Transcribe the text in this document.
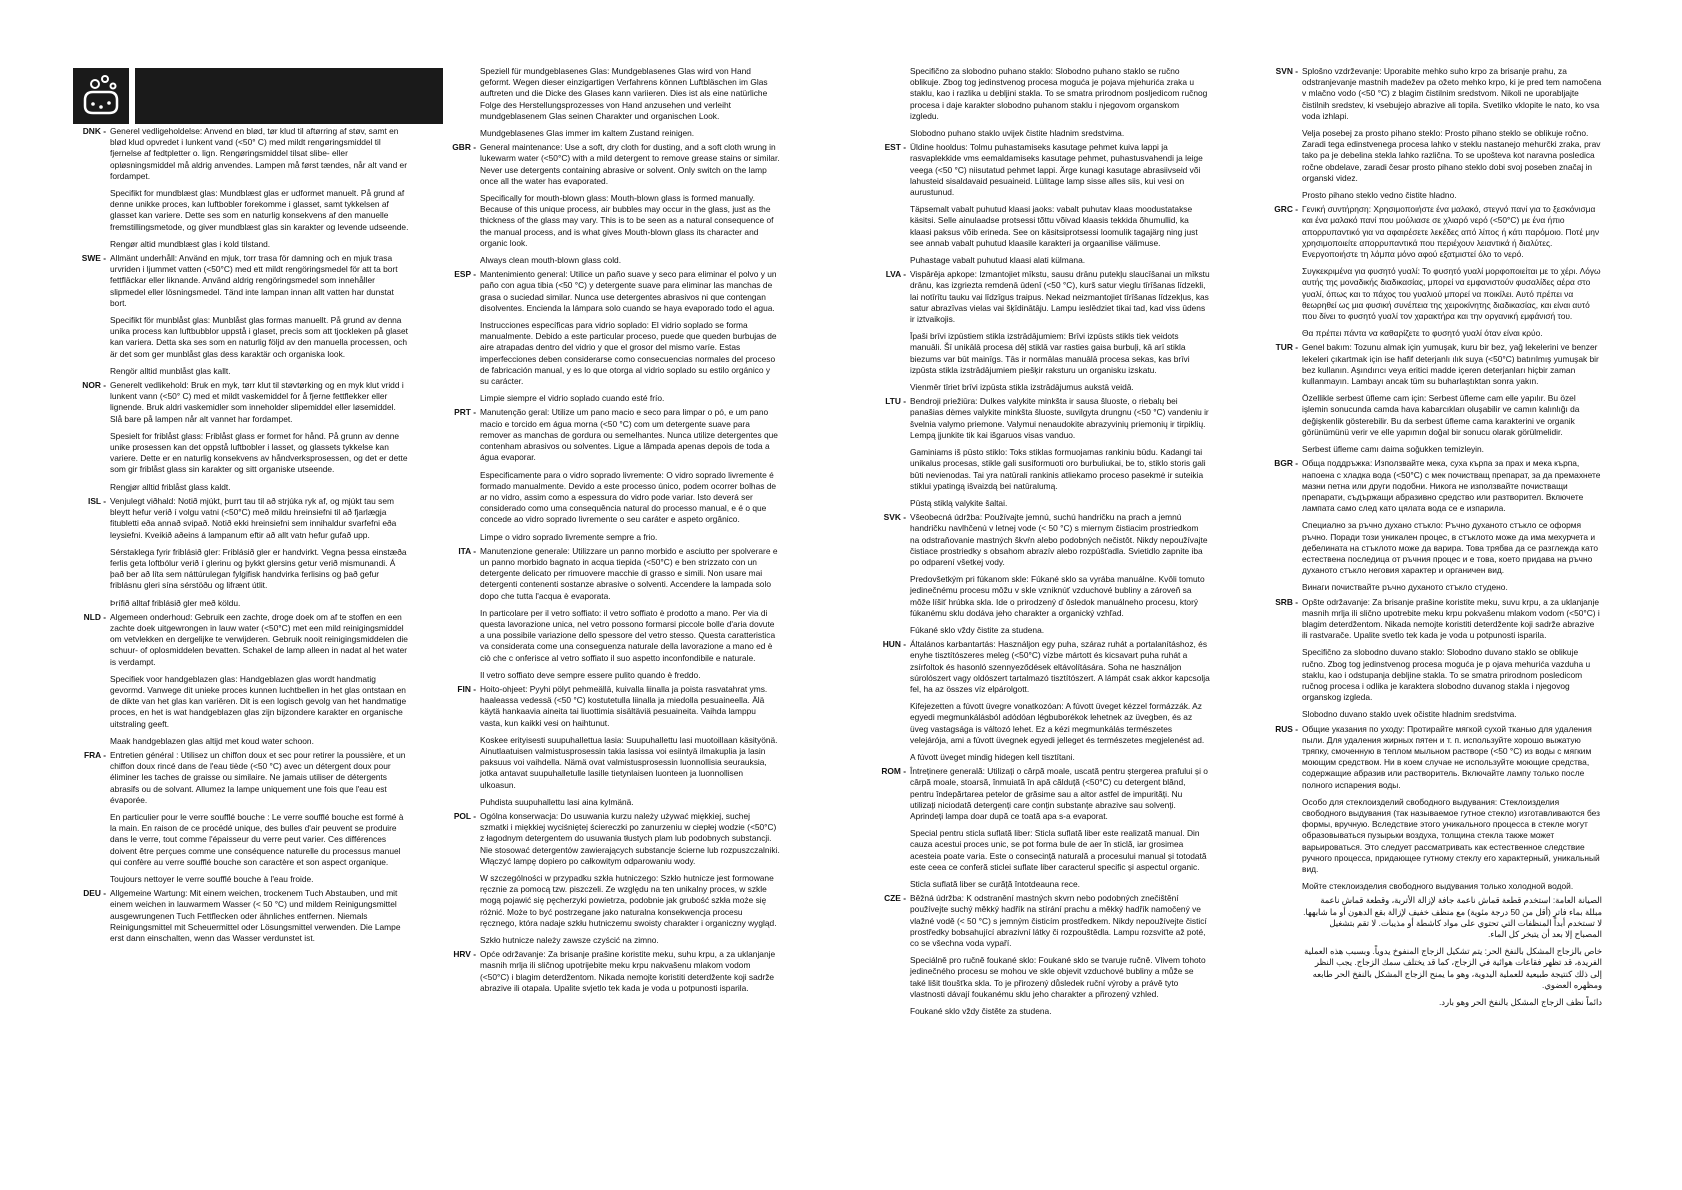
DNK - Generel vedligeholdelse: Anvend en blød, tør klud til aftørring af støv, samt en blød klud opvredet i lunkent vand (<50° C) med mildt rengøringsmiddel til fjernelse af fedtpletter o. lign. Rengøringsmiddel tilsat slibe- eller opløsningsmiddel må aldrig anvendes. Lampen må først tændes, når alt vand er fordampet.

Specifikt for mundblæst glas: Mundblæst glas er udformet manuelt. På grund af denne unikke proces, kan luftbobler forekomme i glasset, samt tykkelsen af glasset kan variere. Dette ses som en naturlig konsekvens af den manuelle fremstillingsmetode, og giver mundblæst glas sin karakter og levende udseende.

Rengør altid mundblæst glas i kold tilstand.

SWE - Allmänt underhåll: Använd en mjuk, torr trasa för damning och en mjuk trasa urvriden i ljummet vatten (<50°C) med ett mildt rengöringsmedel för att ta bort fettfläckar eller liknande. Använd aldrig rengöringsmedel som innehåller slipmedel eller lösningsmedel. Tänd inte lampan innan allt vatten har dunstat bort.

Specifikt för munblåst glas: Munblåst glas formas manuellt. På grund av denna unika process kan luftbubblor uppstå i glaset, precis som att tjockleken på glaset kan variera. Detta ska ses som en naturlig följd av den manuella processen, och är det som ger munblåst glas dess karaktär och organiska look.

Rengör alltid munblåst glas kallt.

NOR - Generelt vedlikehold: Bruk en myk, tørr klut til støvtørking og en myk klut vridd i lunkent vann (<50° C) med et mildt vaskemiddel for å fjerne fettflekker eller lignende. Bruk aldri vaskemidler som inneholder slipemiddel eller løsemiddel. Slå bare på lampen når alt vannet har fordampet.

Spesielt for friblåst glass: Friblåst glass er formet for hånd. På grunn av denne unike prosessen kan det oppstå luftbobler i lasset, og glassets tykkelse kan variere. Dette er en naturlig konsekvens av håndverksprosessen, og det er dette som gir friblåst glass sin karakter og sitt organiske utseende.

Rengjør alltid friblåst glass kaldt.

ISL - Venjulegt viðhald: Notið mjúkt, þurrt tau til að strjúka ryk af, og mjúkt tau sem bleytt hefur verið í volgu vatni (<50°C) með mildu hreinsiefni til að fjarlægja fitubletti eða annað svipað. Notið ekki hreinsiefni sem innihaldur svarfefni eða leysiefni. Kveikið aðeins á lampanum eftir að allt vatn hefur gufað upp.

Sérstaklega fyrir friblásið gler: Friblásið gler er handvirkt. Vegna þessa einstæða ferlis geta loftbólur verið í glerinu og þykkt glersins getur verið mismunandi. Á það ber að líta sem náttúrulegan fylgifisk handvirka ferlisins og það gefur friblásnu gleri sína sérstöðu og lifrænt útlit.

Þrífið alltaf friblásið gler með köldu.

NLD - Algemeen onderhoud: Gebruik een zachte, droge doek om af te stoffen en een zachte doek uitgewrongen in lauw water (<50°C) met een mild reinigingsmiddel om vetvlekken en dergelijke te verwijderen. Gebruik nooit reinigingsmiddelen die schuur- of oplosmiddelen bevatten. Schakel de lamp alleen in nadat al het water is verdampt.

Specifiek voor handgeblazen glas: Handgeblazen glas wordt handmatig gevormd. Vanwege dit unieke proces kunnen luchtbellen in het glas ontstaan en de dikte van het glas kan variëren. Dit is een logisch gevolg van het handmatige proces, en het is wat handgeblazen glas zijn bijzondere karakter en organische uitstraling geeft.

Maak handgeblazen glas altijd met koud water schoon.

FRA - Entretien général : Utilisez un chiffon doux et sec pour retirer la poussière, et un chiffon doux rincé dans de l'eau tiède (<50 °C) avec un détergent doux pour éliminer les taches de graisse ou similaire. Ne jamais utiliser de détergents abrasifs ou de solvant. Allumez la lampe uniquement une fois que l'eau est évaporée.

En particulier pour le verre soufflé bouche : Le verre soufflé bouche est formé à la main. En raison de ce procédé unique, des bulles d'air peuvent se produire dans le verre, tout comme l'épaisseur du verre peut varier. Ces différences doivent être perçues comme une conséquence naturelle du processus manuel qui confère au verre soufflé bouche son caractère et son aspect organique.

Toujours nettoyer le verre soufflé bouche à l'eau froide.

DEU - Allgemeine Wartung: Mit einem weichen, trockenem Tuch Abstauben, und mit einem weichen in lauwarmem Wasser (< 50 °C) und mildem Reinigungsmittel ausgewrungenen Tuch Fettflecken oder ähnliches entfernen. Niemals Reinigungsmittel mit Scheuermittel oder Lösungsmittel verwenden. Die Lampe erst dann einschalten, wenn das Wasser verdunstet ist.

Speziell für mundgeblasenes Glas: Mundgeblasenes Glas wird von Hand geformt. Wegen dieser einzigartigen Verfahrens können Luftbläschen im Glas auftreten und die Dicke des Glases kann variieren. Dies ist als eine natürliche Folge des Herstellungsprozesses von Hand anzusehen und verleiht mundgeblasenem Glas seinen Charakter und organischen Look.

Mundgeblasenes Glas immer im kaltem Zustand reinigen.

GBR - General maintenance: Use a soft, dry cloth for dusting, and a soft cloth wrung in lukewarm water (<50°C) with a mild detergent to remove grease stains or similar. Never use detergents containing abrasive or solvent. Only switch on the lamp once all the water has evaporated.

Specifically for mouth-blown glass: Mouth-blown glass is formed manually. Because of this unique process, air bubbles may occur in the glass, just as the thickness of the glass may vary. This is to be seen as a natural consequence of the manual process, and is what gives Mouth-blown glass its character and organic look.

Always clean mouth-blown glass cold.

ESP - Mantenimiento general: Utilice un paño suave y seco para eliminar el polvo y un paño con agua tibia (<50 °C) y detergente suave para eliminar las manchas de grasa o suciedad similar. Nunca use detergentes abrasivos ni que contengan disolventes. Encienda la lámpara solo cuando se haya evaporado todo el agua.

Instrucciones específicas para vidrio soplado: El vidrio soplado se forma manualmente. Debido a este particular proceso, puede que queden burbujas de aire atrapadas dentro del vidrio y que el grosor del mismo varíe. Estas imperfecciones deben considerarse como consecuencias normales del proceso de fabricación manual, y es lo que otorga al vidrio soplado su estilo orgánico y su carácter.

Limpie siempre el vidrio soplado cuando esté frío.

PRT - Manutenção geral: Utilize um pano macio e seco para limpar o pó, e um pano macio e torcido em água morna (<50 °C) com um detergente suave para remover as manchas de gordura ou semelhantes. Nunca utilize detergentes que contenham abrasivos ou solventes. Ligue a lâmpada apenas depois de toda a água evaporar.

Especificamente para o vidro soprado livremente: O vidro soprado livremente é formado manualmente. Devido a este processo único, podem ocorrer bolhas de ar no vidro, assim como a espessura do vidro pode variar. Isto deverá ser considerado como uma consequência natural do processo manual, e é o que concede ao vidro soprado livremente o seu caráter e aspeto orgânico.

Limpe o vidro soprado livremente sempre a frio.

ITA - Manutenzione generale: Utilizzare un panno morbido e asciutto per spolverare e un panno morbido bagnato in acqua tiepida (<50°C) e ben strizzato con un detergente delicato per rimuovere macchie di grasso e simili. Non usare mai detergenti contenenti sostanze abrasive o solventi. Accendere la lampada solo dopo che tutta l'acqua è evaporata.

In particolare per il vetro soffiato: il vetro soffiato è prodotto a mano. Per via di questa lavorazione unica, nel vetro possono formarsi piccole bolle d'aria dovute a una possibile variazione dello spessore del vetro stesso. Questa caratteristica va considerata come una conseguenza naturale della lavorazione a mano ed è ciò che c onferisce al vetro soffiato il suo aspetto inconfondibile e naturale.

Il vetro soffiato deve sempre essere pulito quando è freddo.

FIN - Hoito-ohjeet: Pyyhi pölyt pehmeällä, kuivalla liinalla ja poista rasvatahrat yms. haaleassa vedessä (<50 °C) kostutetulla liinalla ja miedolla pesuaineella. Älä käytä hankaavia aineita tai liuottimia sisältäviä pesuaineita. Vaihda lamppu vasta, kun kaikki vesi on haihtunut.

Koskee erityisesti suupuhallettua lasia: Suupuhallettu lasi muotoillaan käsityönä. Ainutlaatuisen valmistusprosessin takia lasissa voi esiintyä ilmakuplia ja lasin paksuus voi vaihdella. Nämä ovat valmistusprosessin luonnollisia seurauksia, jotka antavat suupuhalletulle lasille tietynlaisen luonteen ja luonnollisen ulkoasun.

Puhdista suupuhallettu lasi aina kylmänä.

POL - Ogólna konserwacja: Do usuwania kurzu należy używać miękkiej, suchej szmatki i miękkiej wyciśniętej ściereczki po zanurzeniu w ciepłej wodzie (<50°C) z łagodnym detergentem do usuwania tłustych plam lub podobnych substancji. Nie stosować detergentów zawierających substancje ścierne lub rozpuszczalniki. Włączyć lampę dopiero po całkowitym odparowaniu wody.

W szczególności w przypadku szkła hutniczego: Szkło hutnicze jest formowane ręcznie za pomocą tzw. piszczeli. Ze względu na ten unikalny proces, w szkle mogą pojawić się pęcherzyki powietrza, podobnie jak grubość szkła może się różnić. Może to być postrzegane jako naturalna konsekwencja procesu ręcznego, która nadaje szkłu hutniczemu swoisty charakter i organiczny wygląd.

Szkło hutnicze należy zawsze czyścić na zimno.

HRV - Opće održavanje: Za brisanje prašine koristite meku, suhu krpu, a za uklanjanje masnih mrlja ili sličnog upotrijebite meku krpu nakvašenu mlakom vodom (<50°C) i blagim deterdžentom. Nikada nemojte koristiti deterdžente koji sadrže abrazive ili otapala. Upalite svjetlo tek kada je voda u potpunosti isparila.

Specifično za slobodno puhano staklo: Slobodno puhano staklo se ručno oblikuje. Zbog tog jedinstvenog procesa moguća je pojava mjehurića zraka u staklu, kao i razlika u debljini stakla. To se smatra prirodnom posljedicom ručnog procesa i daje karakter slobodno puhanom staklu i njegovom organskom izgledu.

Slobodno puhano staklo uvijek čistite hladnim sredstvima.

EST - Üldine hooldus: Tolmu puhastamiseks kasutage pehmet kuiva lappi ja rasvaplekkide vms eemaldamiseks kasutage pehmet, puhastusvahendi ja leige veega (<50 °C) niisutatud pehmet lappi. Ärge kunagi kasutage abrasiivseid või lahusteid sisaldavaid pesuaineid. Lülitage lamp sisse alles siis, kui vesi on aurustunud.

Täpsemalt vabalt puhutud klaasi jaoks: vabalt puhutav klaas moodustatakse käsitsi. Selle ainulaadse protsessi tõttu võivad klaasis tekkida õhumullid, ka klaasi paksus võib erineda. See on käsitsiprotsessi loomulik tagajärg ning just see annab vabalt puhutud klaasile karakteri ja orgaanilise välimuse.

Puhastage vabalt puhutud klaasi alati külmana.

LVA - Vispārēja apkope: Izmantojiet mīkstu, sausu drānu putekļu slaucīšanai un mīkstu drānu, kas izgriezta remdenā ūdenī (<50 °C), kurš satur vieglu tīrīšanas līdzekli, lai notīrītu tauku vai līdzīgus traipus. Nekad neizmantojiet tīrīšanas līdzekļus, kas satur abrazīvas vielas vai šķīdinātāju. Lampu ieslēdziet tikai tad, kad viss ūdens ir iztvaikojis.

Īpaši brīvi izpūstiem stikla izstrādājumiem: Brīvi izpūsts stikls tiek veidots manuāli. Šī unikālā procesa dēļ stiklā var rasties gaisa burbuļi, kā arī stikla biezums var būt mainīgs. Tās ir normālas manuālā procesa sekas, kas brīvi izpūsta stikla izstrādājumiem piešķir raksturu un organisku izskatu.

Vienmēr tīriet brīvi izpūsta stikla izstrādājumus aukstā veidā.

LTU - Bendroji priežiūra: Dulkes valykite minkšta ir sausa šluoste, o riebalų bei panašias dėmes valykite minkšta šluoste, suvilgyta drungnu (<50 °C) vandeniu ir švelnia valymo priemone. Valymui nenaudokite abrazyvinių priemonių ir tirpiklių. Lempą įjunkite tik kai išgaruos visas vanduo.

Gaminiams iš pūsto stiklo: Toks stiklas formuojamas rankiniu būdu. Kadangi tai unikalus procesas, stikle gali susiformuoti oro burbuliukai, be to, stiklo storis gali būti nevienodas. Tai yra natūrali rankinis atliekamo proceso pasekmė ir suteikia stiklui ypatingą išvaizdą bei natūralumą.

Pūstą stiklą valykite šaltai.

SVK - Všeobecná údržba: Používajte jemnú, suchú handričku na prach a jemnú handričku navlhčenú v letnej vode (< 50 °C) s miernym čistiacim prostriedkom na odstraňovanie mastných škvŕn alebo podobných nečistôt. Nikdy nepoužívajte čistiace prostriedky s obsahom abrazív alebo rozpúšťadla. Svietidlo zapnite iba po odparení všetkej vody.

Predovšetkým pri fúkanom skle: Fúkané sklo sa vyrába manuálne. Kvôli tomuto jedinečnému procesu môžu v skle vzniknúť vzduchové bubliny a zároveň sa môže líšiť hrúbka skla. Ide o prirodzený ď ôsledok manuálneho procesu, ktorý fúkanému sklu dodáva jeho charakter a organický vzhľad.

Fúkané sklo vždy čistite za studena.

HUN - Általános karbantartás: Használjon egy puha, száraz ruhát a portalanításhoz, és enyhe tisztítószeres meleg (<50°C) vízbe mártott és kicsavart puha ruhát a zsírfoltok és hasonló szennyeződések eltávolítására. Soha ne használjon súrolószert vagy oldószert tartalmazó tisztítószert. A lámpát csak akkor kapcsolja fel, ha az összes víz elpárolgott.

Kifejezetten a fúvott üvegre vonatkozóan: A fúvott üveget kézzel formázzák. Az egyedi megmunkálásból adódóan légbuborékok lehetnek az üvegben, és az üveg vastagsága is változó lehet. Ez a kézi megmunkálás természetes velejárója, ami a fúvott üvegnek egyedi jelleget és természetes megjelenést ad.

A fúvott üveget mindig hidegen kell tisztítani.

ROM - Întreținere generală: Utilizați o cârpă moale, uscată pentru ștergerea prafului și o cârpă moale, stoarsă, înmuiată în apă călduță (<50°C) cu detergent blând, pentru îndepărtarea petelor de grăsime sau a altor astfel de impurități. Nu utilizați niciodată detergenți care conțin substanțe abrazive sau solvenți. Aprindeți lampa doar după ce toată apa s-a evaporat.

Special pentru sticla suflată liber: Sticla suflată liber este realizată manual. Din cauza acestui proces unic, se pot forma bule de aer în sticlă, iar grosimea acesteia poate varia. Este o consecință naturală a procesului manual și totodată este ceea ce conferă sticlei suflate liber caracterul specific și aspectul organic.

Sticla suflată liber se curăță întotdeauna rece.

CZE - Běžná údržba: K odstranění mastných skvrn nebo podobných znečištění používejte suchý měkký hadřík na stírání prachu a měkký hadřík namočený ve vlažné vodě (< 50 °C) s jemným čisticím prostředkem. Nikdy nepoužívejte čisticí prostředky bobsahující abrazivní látky či rozpouštědla. Lampu rozsviťte až poté, co se všechna voda vypaří.

Speciálně pro ručně foukané sklo: Foukané sklo se tvaruje ručně. Vlivem tohoto jedinečného procesu se mohou ve skle objevit vzduchové bubliny a může se také lišit tloušťka skla. To je přirozený důsledek ruční výroby a právě tyto vlastnosti dávají foukanému sklu jeho charakter a přirozený vzhled.

Foukané sklo vždy čistěte za studena.

SVN - Splošno vzdrževanje: Uporabite mehko suho krpo za brisanje prahu, za odstranjevanje mastnih madežev pa ožeto mehko krpo, ki je pred tem namočena v mlačno vodo (<50 °C) z blagim čistilnim sredstvom. Nikoli ne uporabljajte čistilnih sredstev, ki vsebujejo abrazive ali topila. Svetilko vklopite le nato, ko vsa voda izhlapi.

Velja posebej za prosto pihano steklo: Prosto pihano steklo se oblikuje ročno. Zaradi tega edinstvenega procesa lahko v steklu nastanejo mehurčki zraka, prav tako pa je debelina stekla lahko različna. To se upošteva kot naravna posledica ročne obdelave, zaradi česar prosto pihano steklo dobi svoj poseben značaj in organski videz.

Prosto pihano steklo vedno čistite hladno.

GRC - Γενική συντήρηση: Χρησιμοποιήστε ένα μαλακό, στεγνό πανί για το ξεσκόνισμα και ένα μαλακό πανί που μούλιασε σε χλιαρό νερό (<50°C) με ένα ήπιο απορρυπαντικό για να αφαιρέσετε λεκέδες από λίπος ή κάτι παρόμοιο. Ποτέ μην χρησιμοποιείτε απορρυπαντικά που περιέχουν λειαντικά ή διαλύτες. Ενεργοποιήστε τη λάμπα μόνο αφού εξατμιστεί όλο το νερό.

Συγκεκριμένα για φυσητό γυαλί: Το φυσητό γυαλί μορφοποιείται με το χέρι. Λόγω αυτής της μοναδικής διαδικασίας, μπορεί να εμφανιστούν φυσαλίδες αέρα στο γυαλί, όπως και το πάχος του γυαλιού μπορεί να ποικίλει. Αυτό πρέπει να θεωρηθεί ως μια φυσική συνέπεια της χειροκίνητης διαδικασίας, και είναι αυτό που δίνει το φυσητό γυαλί τον χαρακτήρα και την οργανική εμφάνισή του.

Θα πρέπει πάντα να καθαρίζετε το φυσητό γυαλί όταν είναι κρύο.

TUR - Genel bakım: Tozunu almak için yumuşak, kuru bir bez, yağ lekelerini ve benzer lekeleri çıkartmak için ise hafif deterjanlı ılık suya (<50°C) batırılmış yumuşak bir bez kullanın. Aşındırıcı veya eritici madde içeren deterjanları hiçbir zaman kullanmayın. Lambayı ancak tüm su buharlaştıktan sonra yakın.

Özellikle serbest üfleme cam için: Serbest üfleme cam elle yapılır. Bu özel işlemin sonucunda camda hava kabarcıkları oluşabilir ve camın kalınlığı da değişkenlik gösterebilir. Bu da serbest üfleme cama karakterini ve organik görünümünü verir ve elle yapımın doğal bir sonucu olarak görülmelidir.

Serbest üfleme camı daima soğukken temizleyin.

BGR - Обща поддръжка: Използвайте мека, суха кърпа за прах и мека кърпа, напоена с хладка вода (<50°C) с мек почистващ препарат, за да премахнете мазни петна или други подобни. Никога не използвайте почистващи препарати, съдържащи абразивно средство или разтворител. Включете лампата само след като цялата вода се е изпарила.

Специално за ръчно духано стъкло: Ръчно духаното стъкло се оформя ръчно. Поради този уникален процес, в стъклото може да има мехурчета и дебелината на стъклото може да варира. Това трябва да се разглежда като естествена последица от ръчния процес и е това, което придава на ръчно духаното стъкло неговия характер и органичен вид.

Винаги почиствайте ръчно духаното стъкло студено.

SRB - Opšte održavanje: Za brisanje prašine koristite meku, suvu krpu, a za uklanjanje masnih mrlja ili slično upotrebite meku krpu pokvašenu mlakom vodom (<50°C) i blagim deterdžentom. Nikada nemojte koristiti deterdžente koji sadrže abrazive ili rastvarače. Upalite svetlo tek kada je voda u potpunosti isparila.

Specifično za slobodno duvano staklo: Slobodno duvano staklo se oblikuje ručno. Zbog tog jedinstvenog procesa moguća je p ojava mehurića vazduha u staklu, kao i odstupanja debljine stakla. To se smatra prirodnom posledicom ručnog procesa i odlika je karaktera slobodno duvanog stakla i njegovog organskog izgleda.

Slobodno duvano staklo uvek očistite hladnim sredstvima.

RUS - Общие указания по уходу: Протирайте мягкой сухой тканью для удаления пыли. Для удаления жирных пятен и т. п. используйте хорошо выжатую тряпку, смоченную в теплом мыльном растворе (<50 °C) из воды с мягким моющим средством. Ни в коем случае не используйте моющие средства, содержащие абразив или растворитель. Включайте лампу только после полного испарения воды.

Особо для стеклоизделий свободного выдувания: Стеклоизделия свободного выдувания (так называемое гутное стекло) изготавливаются без формы, вручную. Вследствие этого уникального процесса в стекле могут образовываться пузырьки воздуха, толщина стекла также может варьироваться. Это следует рассматривать как естественное следствие ручного процесса, придающее гутному стеклу его характерный, уникальный вид.

Мойте стеклоизделия свободного выдувания только холодной водой.

الصيانة العامة: استخدم قطعة قماش ناعمة جافة لإزالة الأتربة، وقطعة قماش ناعمة مبللة بماء فاتر (أقل من 50 درجة مئوية) مع منظف خفيف لإزالة بقع الدهون أو ما شابهها. لا تستخدم أبداً المنظفات التي تحتوي على مواد كاشطة أو مذيبات. لا تقم بتشغيل المصباح إلا بعد أن يتبخر كل الماء.

خاص بالزجاج المشكل بالنفخ الحر: يتم تشكيل الزجاج المنفوخ يدوياً. وبسبب هذه العملية الفريدة، قد تظهر فقاعات هوائية في الزجاج، كما قد يختلف سمك الزجاج. يجب النظر إلى ذلك كنتيجة طبيعية للعملية اليدوية، وهو ما يمنح الزجاج المشكل بالنفخ الحر طابعه ومظهره العضوي.

دائماً نظف الزجاج المشكل بالنفخ الحر وهو بارد.
